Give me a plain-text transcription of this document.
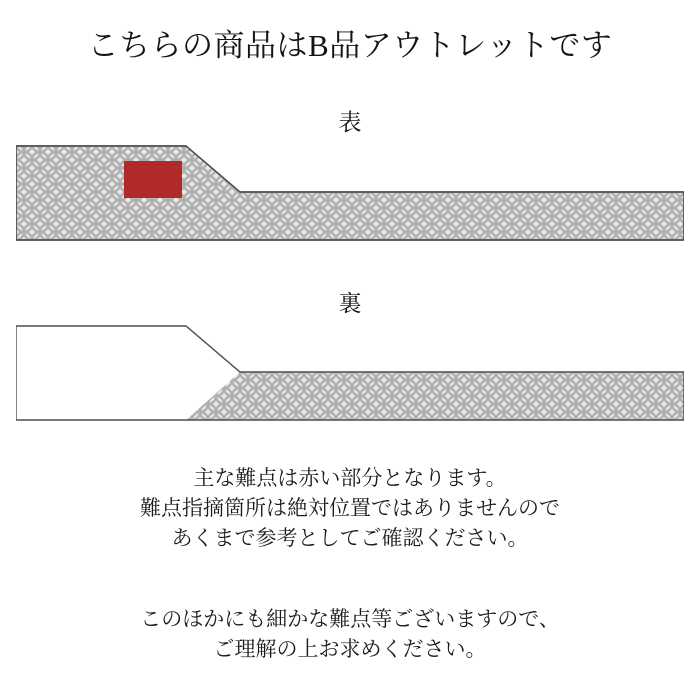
こちらの商品はB品アウトレットです
表
裏
主な難点は赤い部分となります。
難点指摘箇所は絶対位置ではありませんので
あくまで参考としてご確認ください。
このほかにも細かな難点等ございますので、
ご理解の上お求めください。
